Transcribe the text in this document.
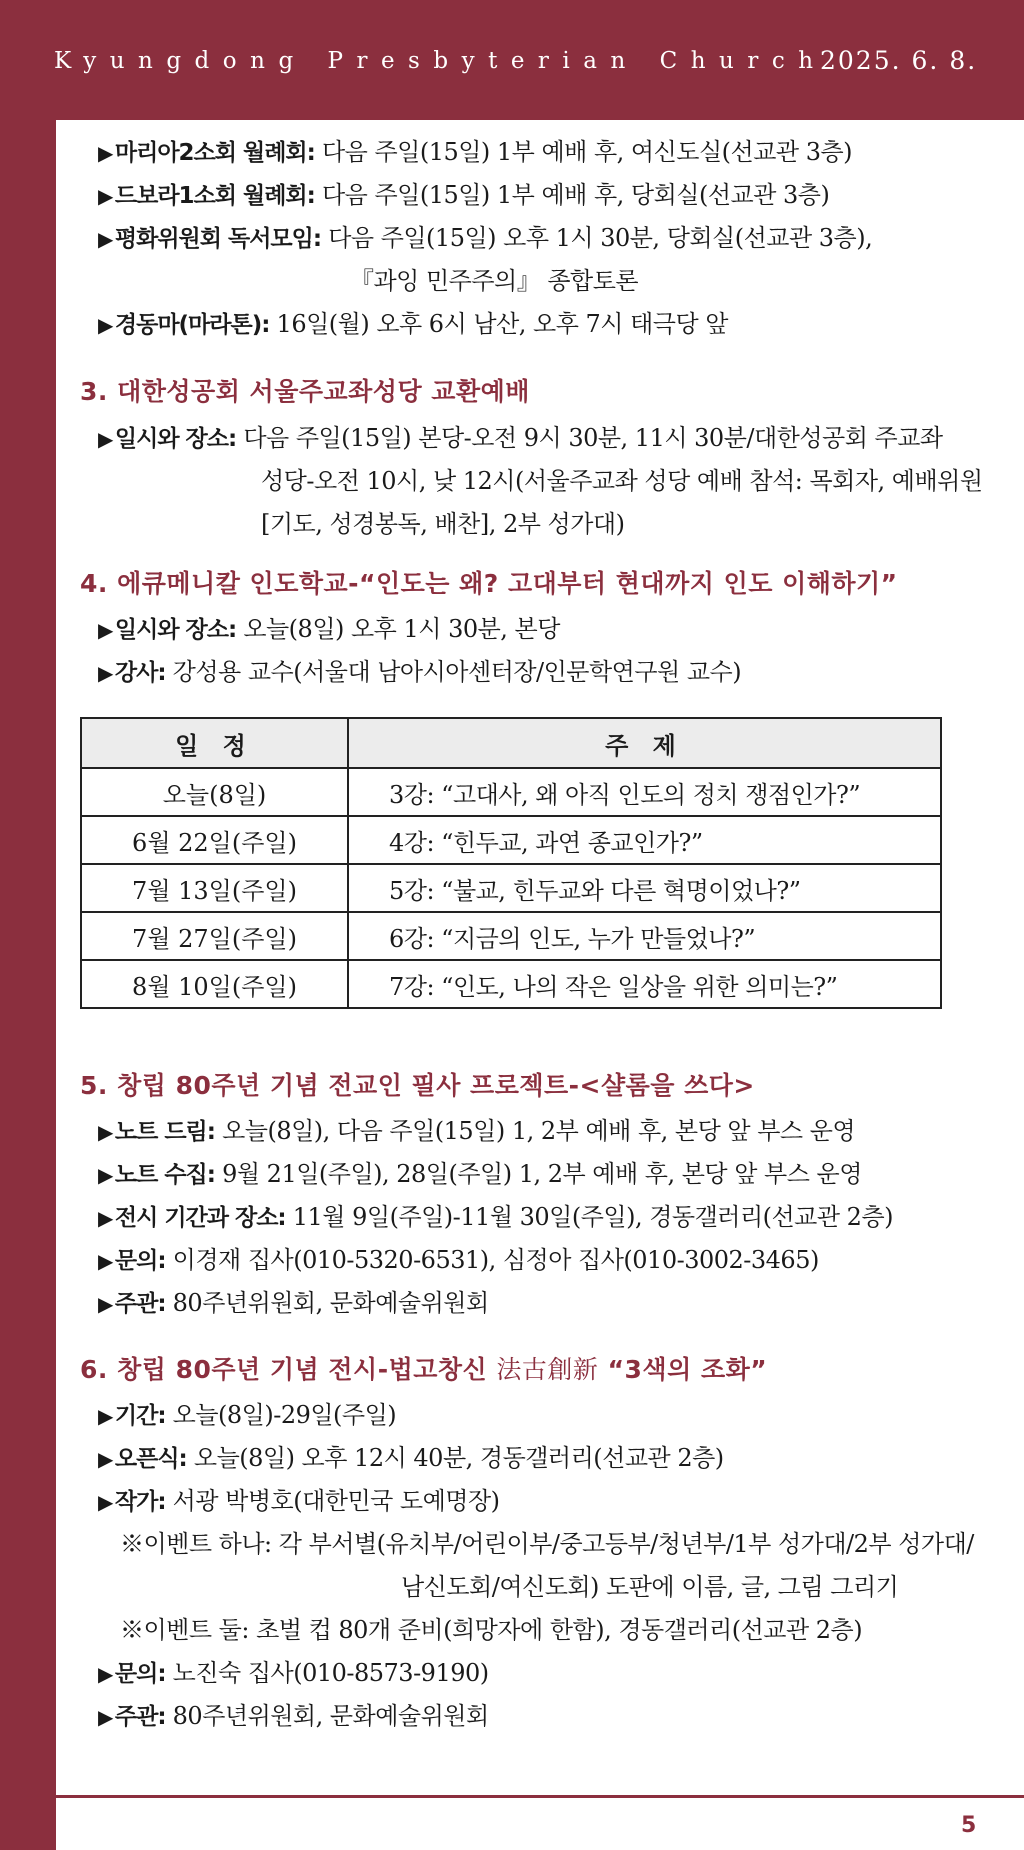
Kyungdong Presbyterian Church
2025. 6. 8.
▶마리아2소회 월례회: 다음 주일(15일) 1부 예배 후, 여신도실(선교관 3층)
▶드보라1소회 월례회: 다음 주일(15일) 1부 예배 후, 당회실(선교관 3층)
▶평화위원회 독서모임: 다음 주일(15일) 오후 1시 30분, 당회실(선교관 3층),
『과잉 민주주의』 종합토론
▶경동마(마라톤): 16일(월) 오후 6시 남산, 오후 7시 태극당 앞
3. 대한성공회 서울주교좌성당 교환예배
▶일시와 장소: 다음 주일(15일) 본당-오전 9시 30분, 11시 30분/대한성공회 주교좌
성당-오전 10시, 낮 12시(서울주교좌 성당 예배 참석: 목회자, 예배위원
[기도, 성경봉독, 배찬], 2부 성가대)
4. 에큐메니칼 인도학교-“인도는 왜? 고대부터 현대까지 인도 이해하기”
▶일시와 장소: 오늘(8일) 오후 1시 30분, 본당
▶강사: 강성용 교수(서울대 남아시아센터장/인문학연구원 교수)
일 정	주 제
오늘(8일)	3강: “고대사, 왜 아직 인도의 정치 쟁점인가?”
6월 22일(주일)	4강: “힌두교, 과연 종교인가?”
7월 13일(주일)	5강: “불교, 힌두교와 다른 혁명이었나?”
7월 27일(주일)	6강: “지금의 인도, 누가 만들었나?”
8월 10일(주일)	7강: “인도, 나의 작은 일상을 위한 의미는?”
5. 창립 80주년 기념 전교인 필사 프로젝트-<샬롬을 쓰다>
▶노트 드림: 오늘(8일), 다음 주일(15일) 1, 2부 예배 후, 본당 앞 부스 운영
▶노트 수집: 9월 21일(주일), 28일(주일) 1, 2부 예배 후, 본당 앞 부스 운영
▶전시 기간과 장소: 11월 9일(주일)-11월 30일(주일), 경동갤러리(선교관 2층)
▶문의: 이경재 집사(010-5320-6531), 심정아 집사(010-3002-3465)
▶주관: 80주년위원회, 문화예술위원회
6. 창립 80주년 기념 전시-법고창신 法古創新 “3색의 조화”
▶기간: 오늘(8일)-29일(주일)
▶오픈식: 오늘(8일) 오후 12시 40분, 경동갤러리(선교관 2층)
▶작가: 서광 박병호(대한민국 도예명장)
※이벤트 하나: 각 부서별(유치부/어린이부/중고등부/청년부/1부 성가대/2부 성가대/
남신도회/여신도회) 도판에 이름, 글, 그림 그리기
※이벤트 둘: 초벌 컵 80개 준비(희망자에 한함), 경동갤러리(선교관 2층)
▶문의: 노진숙 집사(010-8573-9190)
▶주관: 80주년위원회, 문화예술위원회
5
